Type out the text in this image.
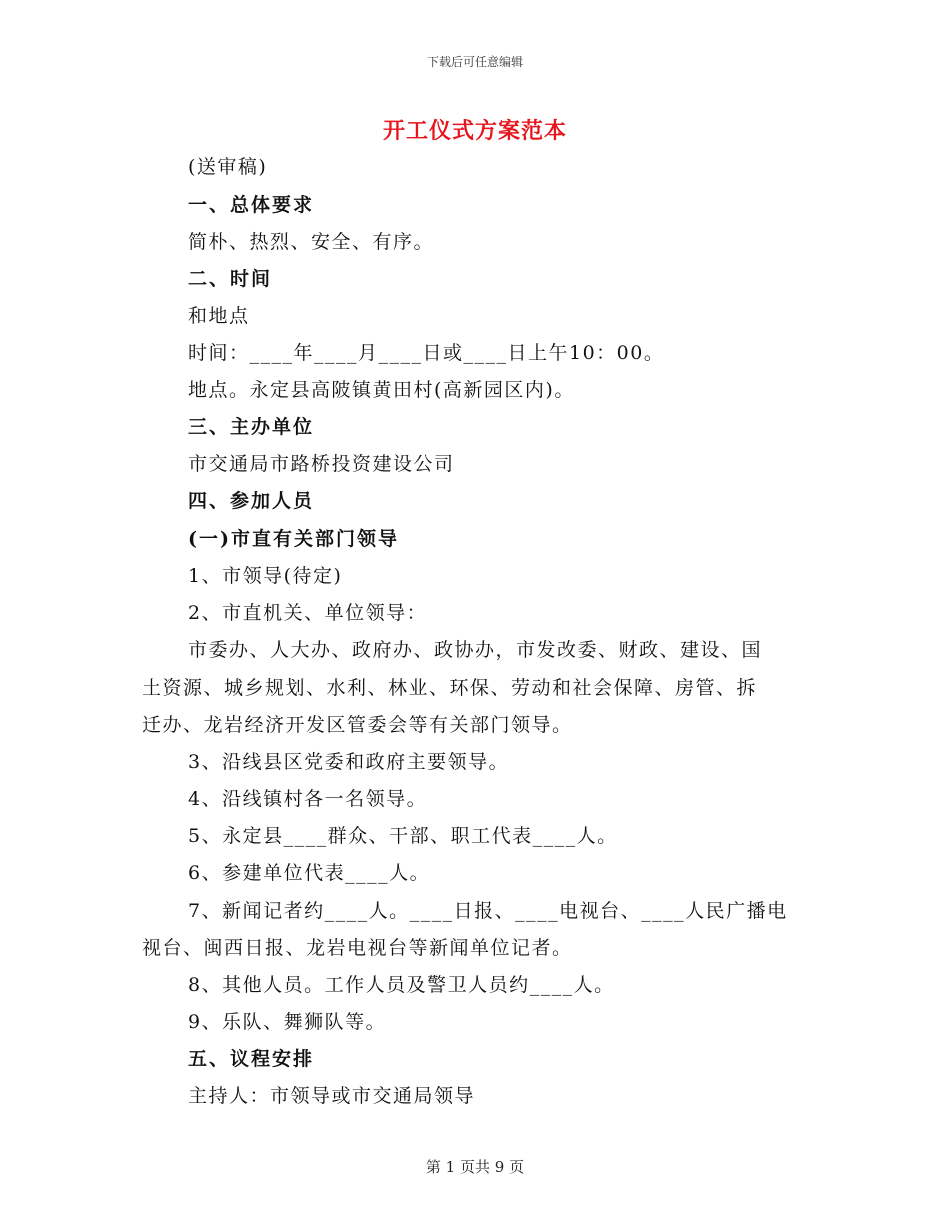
下载后可任意编辑
开工仪式方案范本
(送审稿)
一、总体要求
简朴、热烈、安全、有序。
二、时间
和地点
时间：____年____月____日或____日上午10：00。
地点。永定县高陂镇黄田村(高新园区内)。
三、主办单位
市交通局市路桥投资建设公司
四、参加人员
(一)市直有关部门领导
1、市领导(待定)
2、市直机关、单位领导：
市委办、人大办、政府办、政协办，市发改委、财政、建设、国
土资源、城乡规划、水利、林业、环保、劳动和社会保障、房管、拆
迁办、龙岩经济开发区管委会等有关部门领导。
3、沿线县区党委和政府主要领导。
4、沿线镇村各一名领导。
5、永定县____群众、干部、职工代表____人。
6、参建单位代表____人。
7、新闻记者约____人。____日报、____电视台、____人民广播电
视台、闽西日报、龙岩电视台等新闻单位记者。
8、其他人员。工作人员及警卫人员约____人。
9、乐队、舞狮队等。
五、议程安排
主持人：市领导或市交通局领导
第 1 页共 9 页
